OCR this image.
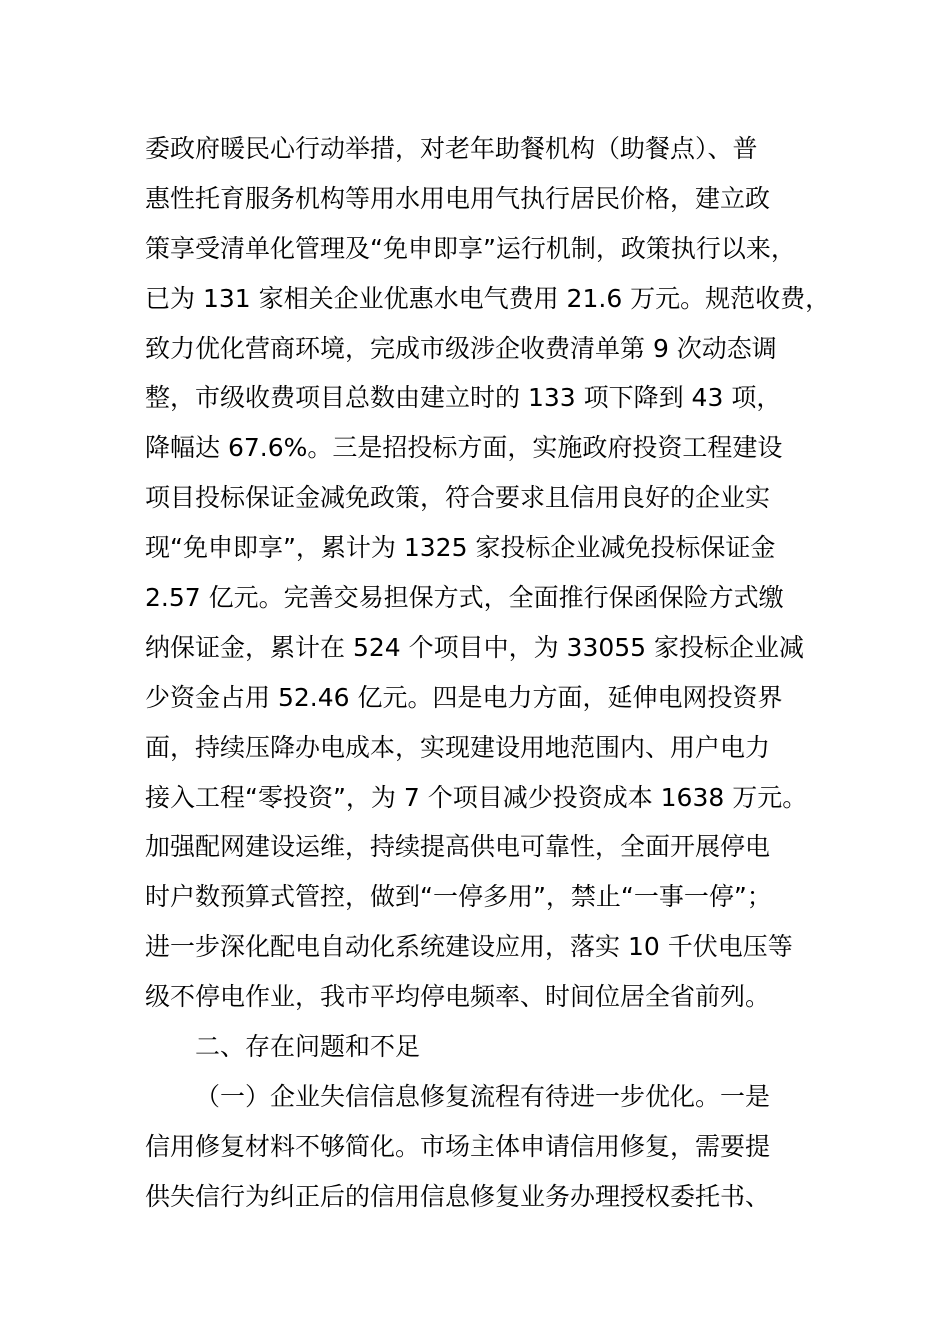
委政府暖民心行动举措，对老年助餐机构（助餐点）、普
惠性托育服务机构等用水用电用气执行居民价格，建立政
策享受清单化管理及“免申即享”运行机制，政策执行以来，
已为 131 家相关企业优惠水电气费用 21.6 万元。规范收费，
致力优化营商环境，完成市级涉企收费清单第 9 次动态调
整，市级收费项目总数由建立时的 133 项下降到 43 项，
降幅达 67.6%。三是招投标方面，实施政府投资工程建设
项目投标保证金减免政策，符合要求且信用良好的企业实
现“免申即享”，累计为 1325 家投标企业减免投标保证金
2.57 亿元。完善交易担保方式，全面推行保函保险方式缴
纳保证金，累计在 524 个项目中，为 33055 家投标企业减
少资金占用 52.46 亿元。四是电力方面，延伸电网投资界
面，持续压降办电成本，实现建设用地范围内、用户电力
接入工程“零投资”，为 7 个项目减少投资成本 1638 万元。
加强配网建设运维，持续提高供电可靠性，全面开展停电
时户数预算式管控，做到“一停多用”，禁止“一事一停”；
进一步深化配电自动化系统建设应用，落实 10 千伏电压等
级不停电作业，我市平均停电频率、时间位居全省前列。
二、存在问题和不足
（一）企业失信信息修复流程有待进一步优化。一是
信用修复材料不够简化。市场主体申请信用修复，需要提
供失信行为纠正后的信用信息修复业务办理授权委托书、
